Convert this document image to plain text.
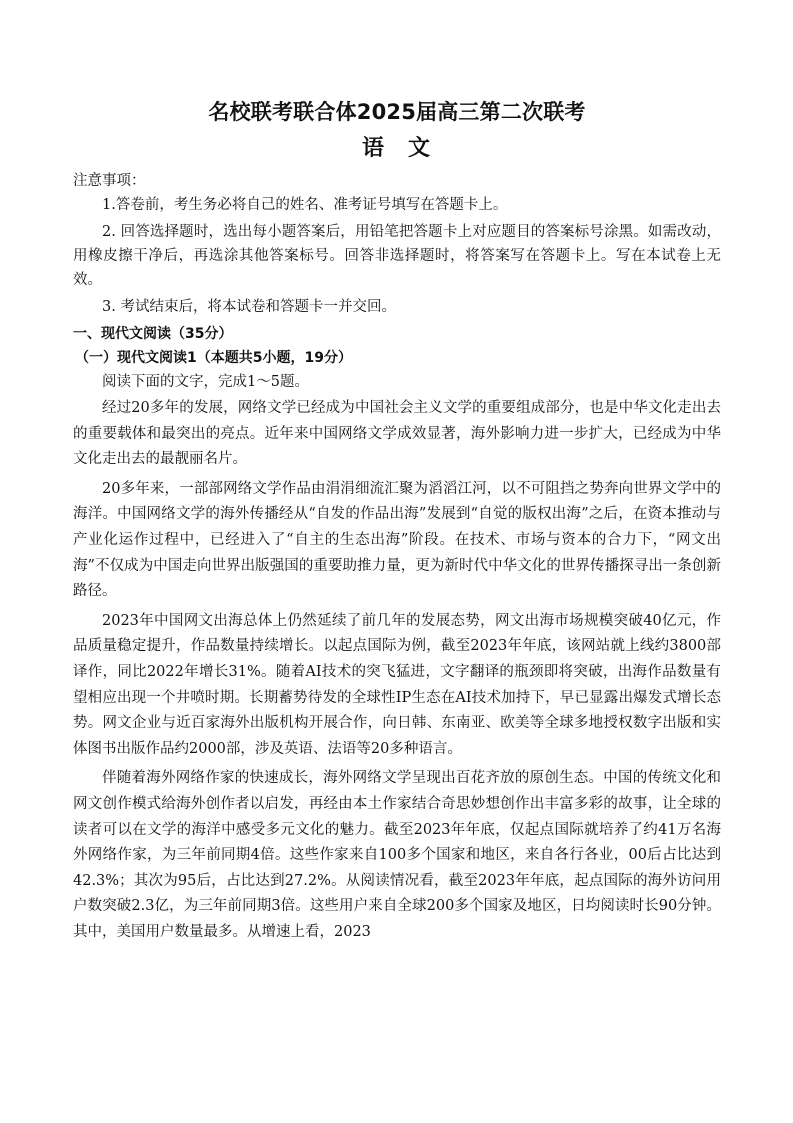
名校联考联合体2025届高三第二次联考
语文

注意事项：

1.答卷前，考生务必将自己的姓名、准考证号填写在答题卡上。

2. 回答选择题时，选出每小题答案后，用铅笔把答题卡上对应题目的答案标号涂黑。如需改动，用橡皮擦干净后，再选涂其他答案标号。回答非选择题时，将答案写在答题卡上。写在本试卷上无效。

3. 考试结束后，将本试卷和答题卡一并交回。

一、现代文阅读（35分）

（一）现代文阅读1（本题共5小题，19分）

阅读下面的文字，完成1～5题。

经过20多年的发展，网络文学已经成为中国社会主义文学的重要组成部分，也是中华文化走出去的重要载体和最突出的亮点。近年来中国网络文学成效显著，海外影响力进一步扩大，已经成为中华文化走出去的最靓丽名片。

20多年来，一部部网络文学作品由涓涓细流汇聚为滔滔江河，以不可阻挡之势奔向世界文学中的海洋。中国网络文学的海外传播经从“自发的作品出海”发展到“自觉的版权出海”之后，在资本推动与产业化运作过程中，已经进入了“自主的生态出海”阶段。在技术、市场与资本的合力下，“网文出海”不仅成为中国走向世界出版强国的重要助推力量，更为新时代中华文化的世界传播探寻出一条创新路径。

2023年中国网文出海总体上仍然延续了前几年的发展态势，网文出海市场规模突破40亿元，作品质量稳定提升，作品数量持续增长。以起点国际为例，截至2023年年底，该网站就上线约3800部译作，同比2022年增长31%。随着AI技术的突飞猛进，文字翻译的瓶颈即将突破，出海作品数量有望相应出现一个井喷时期。长期蓄势待发的全球性IP生态在AI技术加持下，早已显露出爆发式增长态势。网文企业与近百家海外出版机构开展合作，向日韩、东南亚、欧美等全球多地授权数字出版和实体图书出版作品约2000部，涉及英语、法语等20多种语言。

伴随着海外网络作家的快速成长，海外网络文学呈现出百花齐放的原创生态。中国的传统文化和网文创作模式给海外创作者以启发，再经由本土作家结合奇思妙想创作出丰富多彩的故事，让全球的读者可以在文学的海洋中感受多元文化的魅力。截至2023年年底，仅起点国际就培养了约41万名海外网络作家，为三年前同期4倍。这些作家来自100多个国家和地区，来自各行各业，00后占比达到42.3%；其次为95后，占比达到27.2%。从阅读情况看，截至2023年年底，起点国际的海外访问用户数突破2.3亿，为三年前同期3倍。这些用户来自全球200多个国家及地区，日均阅读时长90分钟。其中，美国用户数量最多。从增速上看，2023
